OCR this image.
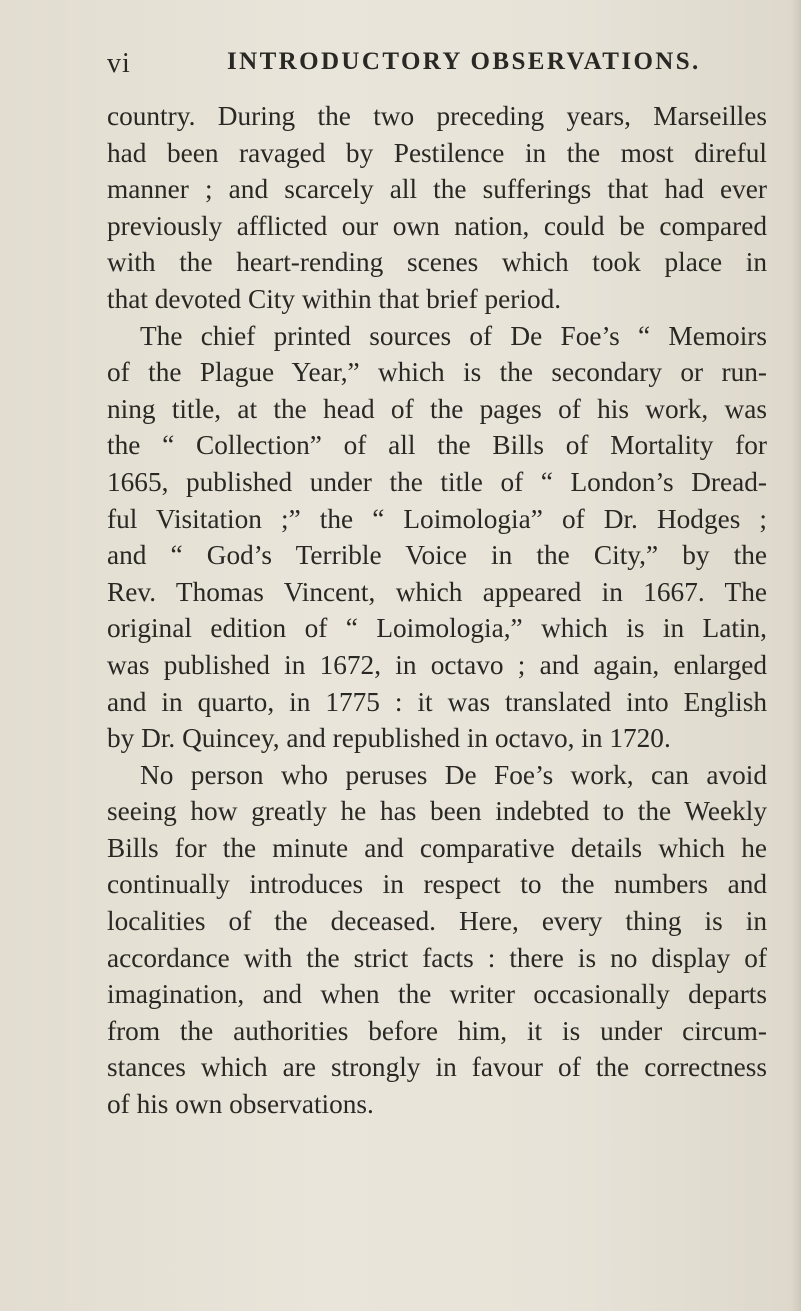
vi	INTRODUCTORY OBSERVATIONS.
country. During the two preceding years, Marseilles
had been ravaged by Pestilence in the most direful
manner ; and scarcely all the sufferings that had ever
previously afflicted our own nation, could be compared
with the heart-rending scenes which took place in
that devoted City within that brief period.
The chief printed sources of De Foe’s “ Memoirs
of the Plague Year,” which is the secondary or run-
ning title, at the head of the pages of his work, was
the “ Collection” of all the Bills of Mortality for
1665, published under the title of “ London’s Dread-
ful Visitation ;” the “ Loimologia” of Dr. Hodges ;
and “ God’s Terrible Voice in the City,” by the
Rev. Thomas Vincent, which appeared in 1667. The
original edition of “ Loimologia,” which is in Latin,
was published in 1672, in octavo ; and again, enlarged
and in quarto, in 1775 : it was translated into English
by Dr. Quincey, and republished in octavo, in 1720.
No person who peruses De Foe’s work, can avoid
seeing how greatly he has been indebted to the Weekly
Bills for the minute and comparative details which he
continually introduces in respect to the numbers and
localities of the deceased. Here, every thing is in
accordance with the strict facts : there is no display of
imagination, and when the writer occasionally departs
from the authorities before him, it is under circum-
stances which are strongly in favour of the correctness
of his own observations.
